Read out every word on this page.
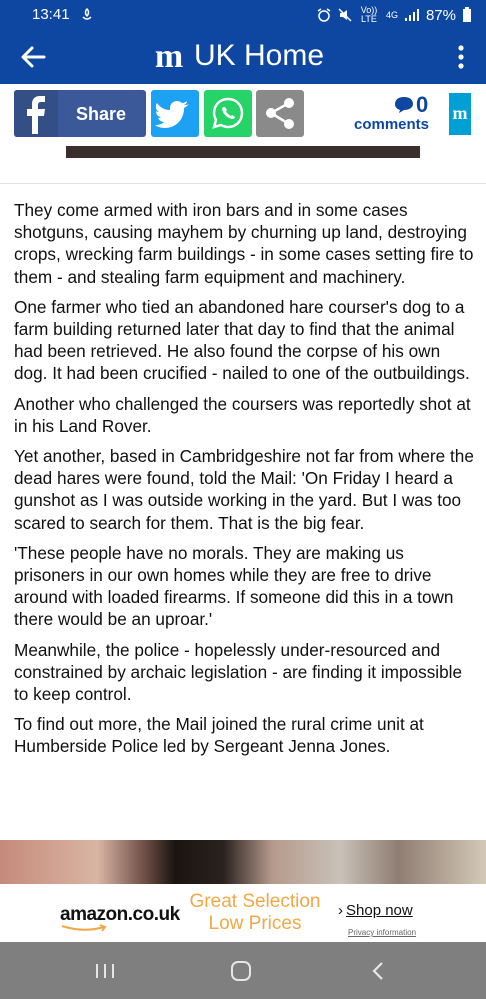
13:41	Vo)) LTE	4G 87%
m UK Home
Share	0
comments
m

They come armed with iron bars and in some cases shotguns, causing mayhem by churning up land, destroying crops, wrecking farm buildings - in some cases setting fire to them - and stealing farm equipment and machinery.

One farmer who tied an abandoned hare courser's dog to a farm building returned later that day to find that the animal had been retrieved. He also found the corpse of his own dog. It had been crucified - nailed to one of the outbuildings.

Another who challenged the coursers was reportedly shot at in his Land Rover.

Yet another, based in Cambridgeshire not far from where the dead hares were found, told the Mail: 'On Friday I heard a gunshot as I was outside working in the yard. But I was too scared to search for them. That is the big fear.

'These people have no morals. They are making us prisoners in our own homes while they are free to drive around with loaded firearms. If someone did this in a town there would be an uproar.'

Meanwhile, the police - hopelessly under-resourced and constrained by archaic legislation - are finding it impossible to keep control.

To find out more, the Mail joined the rural crime unit at Humberside Police led by Sergeant Jenna Jones.

amazon.co.uk
Great Selection
Low Prices
› Shop now
Privacy information
